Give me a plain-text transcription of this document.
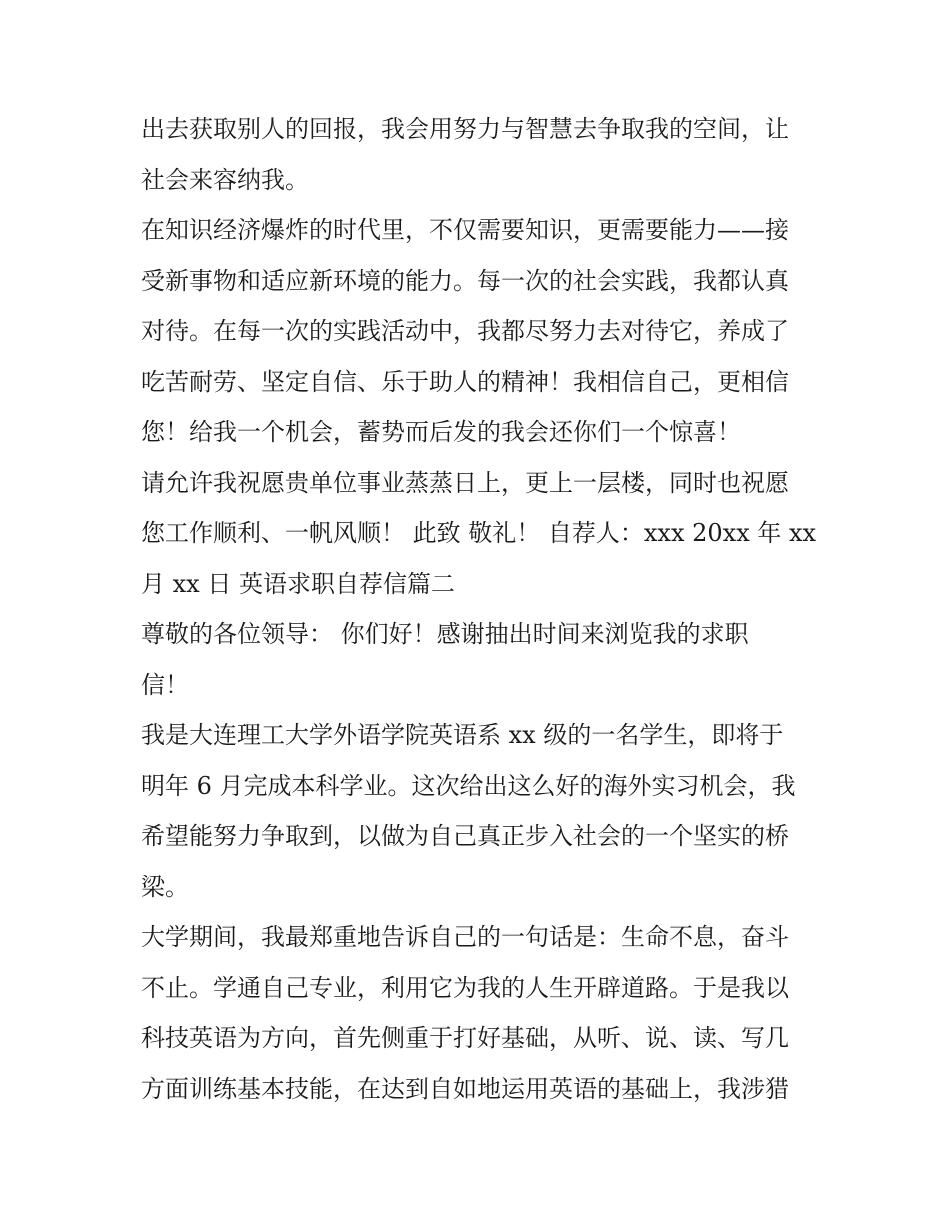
出去获取别人的回报，我会用努力与智慧去争取我的空间，让
社会来容纳我。
在知识经济爆炸的时代里，不仅需要知识，更需要能力——接
受新事物和适应新环境的能力。每一次的社会实践，我都认真
对待。在每一次的实践活动中，我都尽努力去对待它，养成了
吃苦耐劳、坚定自信、乐于助人的精神！我相信自己，更相信
您！给我一个机会，蓄势而后发的我会还你们一个惊喜！
请允许我祝愿贵单位事业蒸蒸日上，更上一层楼，同时也祝愿
您工作顺利、一帆风顺！ 此致 敬礼！ 自荐人：xxx 20xx 年 xx
月 xx 日 英语求职自荐信篇二
尊敬的各位领导： 你们好！感谢抽出时间来浏览我的求职
信！
我是大连理工大学外语学院英语系 xx 级的一名学生，即将于
明年 6 月完成本科学业。这次给出这么好的海外实习机会，我
希望能努力争取到，以做为自己真正步入社会的一个坚实的桥
梁。
大学期间，我最郑重地告诉自己的一句话是：生命不息，奋斗
不止。学通自己专业，利用它为我的人生开辟道路。于是我以
科技英语为方向，首先侧重于打好基础，从听、说、读、写几
方面训练基本技能，在达到自如地运用英语的基础上，我涉猎
